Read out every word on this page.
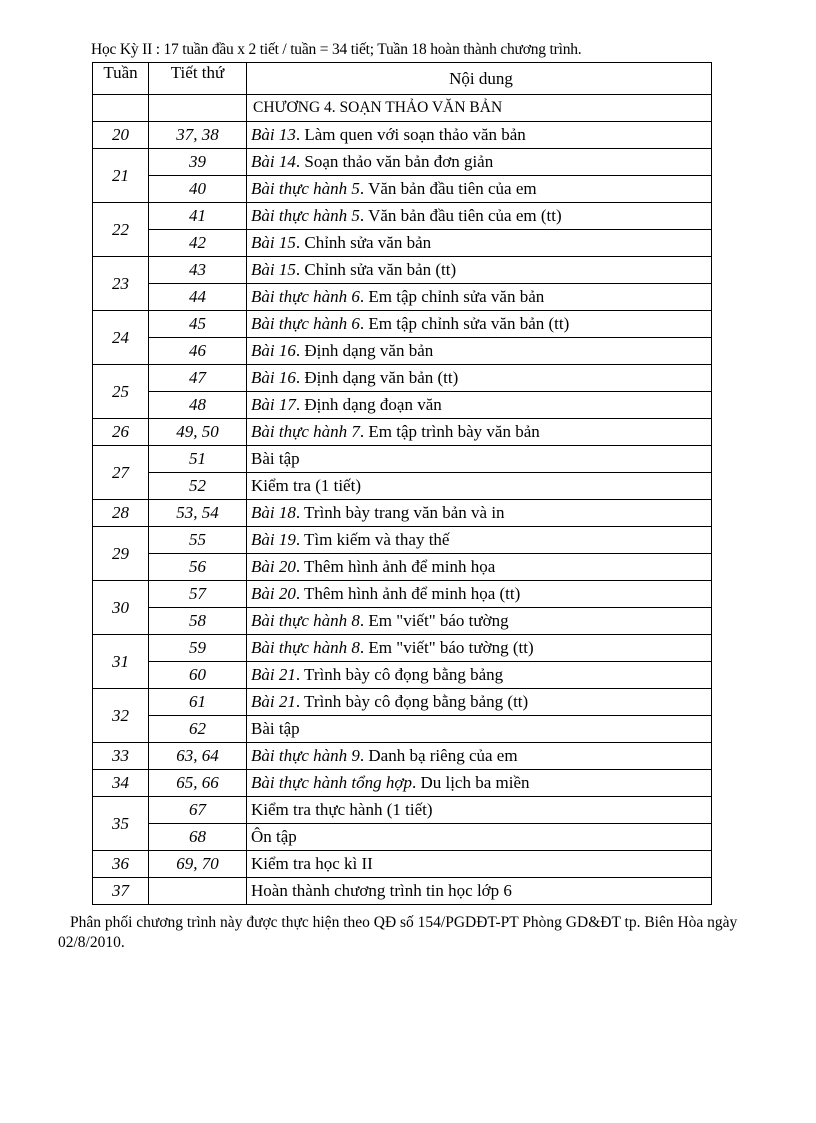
Học Kỳ II : 17 tuần đầu x 2 tiết / tuần = 34 tiết; Tuần 18 hoàn thành chương trình.
Tuần	Tiết thứ	Nội dung
		CHƯƠNG 4. SOẠN THẢO VĂN BẢN
20	37, 38	Bài 13. Làm quen với soạn thảo văn bản
21	39	Bài 14. Soạn thảo văn bản đơn giản
	40	Bài thực hành 5. Văn bản đầu tiên của em
22	41	Bài thực hành 5. Văn bản đầu tiên của em (tt)
	42	Bài 15. Chỉnh sửa văn bản
23	43	Bài 15. Chỉnh sửa văn bản (tt)
	44	Bài thực hành 6. Em tập chỉnh sửa văn bản
24	45	Bài thực hành 6. Em tập chỉnh sửa văn bản (tt)
	46	Bài 16. Định dạng văn bản
25	47	Bài 16. Định dạng văn bản (tt)
	48	Bài 17. Định dạng đoạn văn
26	49, 50	Bài thực hành 7. Em tập trình bày văn bản
27	51	Bài tập
	52	Kiểm tra (1 tiết)
28	53, 54	Bài 18. Trình bày trang văn bản và in
29	55	Bài 19. Tìm kiếm và thay thế
	56	Bài 20. Thêm hình ảnh để minh họa
30	57	Bài 20. Thêm hình ảnh để minh họa (tt)
	58	Bài thực hành 8. Em "viết" báo tường
31	59	Bài thực hành 8. Em "viết" báo tường (tt)
	60	Bài 21. Trình bày cô đọng bằng bảng
32	61	Bài 21. Trình bày cô đọng bằng bảng (tt)
	62	Bài tập
33	63, 64	Bài thực hành 9. Danh bạ riêng của em
34	65, 66	Bài thực hành tổng hợp. Du lịch ba miền
35	67	Kiểm tra thực hành (1 tiết)
	68	Ôn tập
36	69, 70	Kiểm tra học kì II
37		Hoàn thành chương trình tin học lớp 6
Phân phối chương trình này được thực hiện theo QĐ số 154/PGDĐT-PT Phòng GD&ĐT tp. Biên Hòa ngày 02/8/2010.
